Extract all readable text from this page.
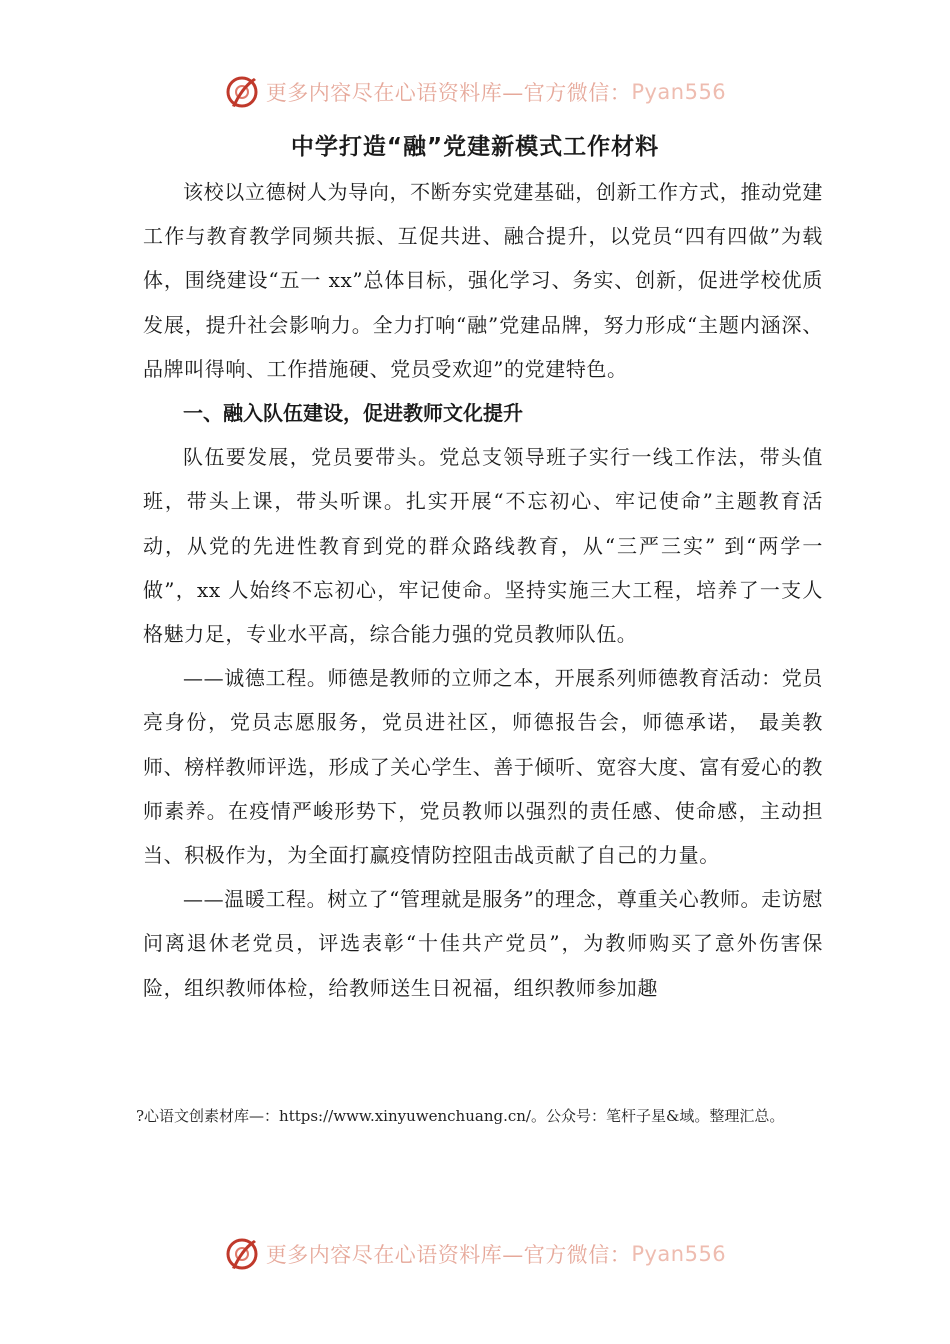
更多内容尽在心语资料库—官方微信： Pyan556
中学打造“融”党建新模式工作材料

该校以立德树人为导向，不断夯实党建基础，创新工作方式，推动党建工作与教育教学同频共振、互促共进、融合提升，以党员“四有四做”为载体，围绕建设“五一 xx”总体目标，强化学习、务实、创新，促进学校优质发展，提升社会影响力。全力打响“融”党建品牌，努力形成“主题内涵深、品牌叫得响、工作措施硬、党员受欢迎”的党建特色。

一、融入队伍建设，促进教师文化提升

队伍要发展，党员要带头。党总支领导班子实行一线工作法，带头值班，带头上课，带头听课。扎实开展“不忘初心、牢记使命”主题教育活动，从党的先进性教育到党的群众路线教育，从“三严三实” 到“两学一做”，xx 人始终不忘初心，牢记使命。坚持实施三大工程，培养了一支人格魅力足，专业水平高，综合能力强的党员教师队伍。

——诚德工程。师德是教师的立师之本，开展系列师德教育活动：党员亮身份，党员志愿服务，党员进社区，师德报告会，师德承诺， 最美教师、榜样教师评选，形成了关心学生、善于倾听、宽容大度、富有爱心的教师素养。在疫情严峻形势下，党员教师以强烈的责任感、使命感，主动担当、积极作为，为全面打赢疫情防控阻击战贡献了自己的力量。

——温暖工程。树立了“管理就是服务”的理念，尊重关心教师。走访慰问离退休老党员，评选表彰“十佳共产党员”，为教师购买了意外伤害保险，组织教师体检，给教师送生日祝福，组织教师参加趣

?心语文创素材库—：https://www.xinyuwenchuang.cn/。公众号：笔杆子星&域。整理汇总。

更多内容尽在心语资料库—官方微信： Pyan556
